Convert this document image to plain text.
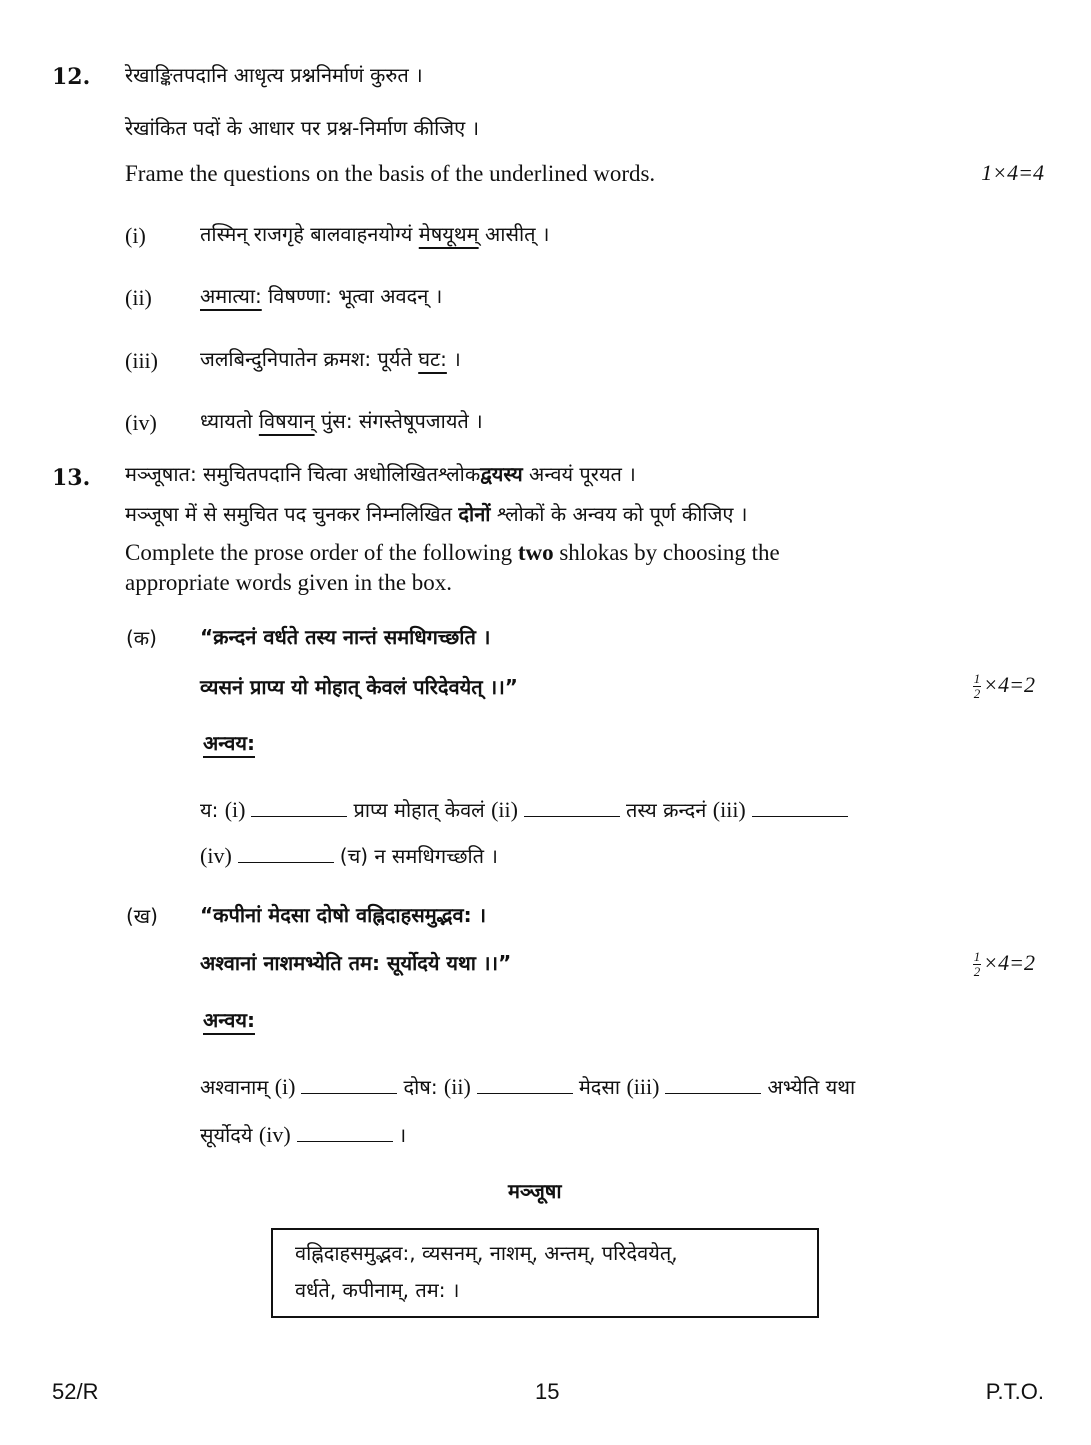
12. रेखाङ्कितपदानि आधृत्य प्रश्ननिर्माणं कुरुत ।
रेखांकित पदों के आधार पर प्रश्न-निर्माण कीजिए ।
Frame the questions on the basis of the underlined words.	1×4=4
(i)	तस्मिन् राजगृहे बालवाहनयोग्यं मेषयूथम् आसीत् ।
(ii) अमात्या: विषण्णा: भूत्वा अवदन् ।
(iii) जलबिन्दुनिपातेन क्रमश: पूर्यते घट: ।
(iv) ध्यायतो विषयान् पुंस: संगस्तेषूपजायते ।
13. मञ्जूषात: समुचितपदानि चित्वा अधोलिखितश्लोकद्वयस्य अन्वयं पूरयत ।
मञ्जूषा में से समुचित पद चुनकर निम्नलिखित दोनों श्लोकों के अन्वय को पूर्ण कीजिए ।
Complete the prose order of the following two shlokas by choosing the
appropriate words given in the box.
(क) “क्रन्दनं वर्धते तस्य नान्तं समधिगच्छति ।
व्यसनं प्राप्य यो मोहात् केवलं परिदेवयेत् ।।”	$\frac{1}{2} \times 4=2$
अन्वय:
य: (i)	प्राप्य मोहात् केवलं (ii)	तस्य क्रन्दनं (iii)
(iv)	(च) न समधिगच्छति ।
(ख) “कपीनां मेदसा दोषो वह्निदाहसमुद्भव: ।
अश्वानां नाशमभ्येति तम: सूर्योदये यथा ।।”	$\frac{1}{2} \times 4=2$
अन्वय:
अश्वानाम् (i)	दोष: (ii)	मेदसा (iii)	अभ्येति यथा
सूर्योदये (iv)	।
मञ्जूषा
वह्निदाहसमुद्भव:, व्यसनम्, नाशम्, अन्तम्, परिदेवयेत्,
वर्धते, कपीनाम्, तम: ।
52/R	15	P.T.O.
